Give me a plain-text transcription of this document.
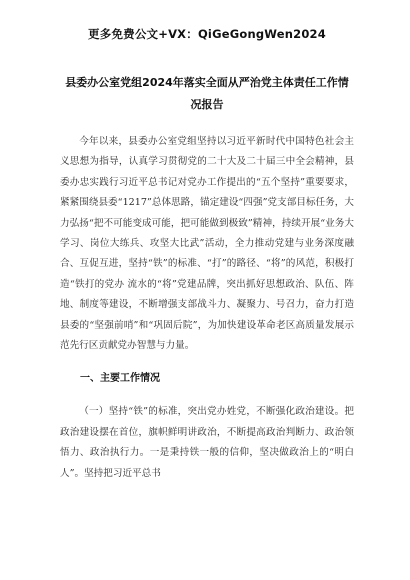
更多免费公文+VX：QiGeGongWen2024
县委办公室党组2024年落实全面从严治党主体责任工作情况报告

今年以来，县委办公室党组坚持以习近平新时代中国特色社会主义思想为指导，认真学习贯彻党的二十大及二十届三中全会精神，县委办忠实践行习近平总书记对党办工作提出的“五个坚持”重要要求，紧紧围绕县委“1217”总体思路，锚定建设“四强”党支部目标任务，大力弘扬“把不可能变成可能，把可能做到极致”精神，持续开展“业务大学习、岗位大练兵、攻坚大比武”活动，全力推动党建与业务深度融合、互促互进，坚持“铁”的标准、“打”的路径、“将”的风范，积极打造“铁打的党办 流水的“将”党建品牌，突出抓好思想政治、队伍、阵地、制度等建设，不断增强支部战斗力、凝聚力、号召力，奋力打造县委的“坚强前哨”和“巩固后院”，为加快建设革命老区高质量发展示范先行区贡献党办智慧与力量。

一、主要工作情况

（一）坚持“铁”的标准，突出党办姓党，不断强化政治建设。把政治建设摆在首位，旗帜鲜明讲政治，不断提高政治判断力、政治领悟力、政治执行力。一是秉持铁一般的信仰，坚决做政治上的“明白人”。坚持把习近平总书
